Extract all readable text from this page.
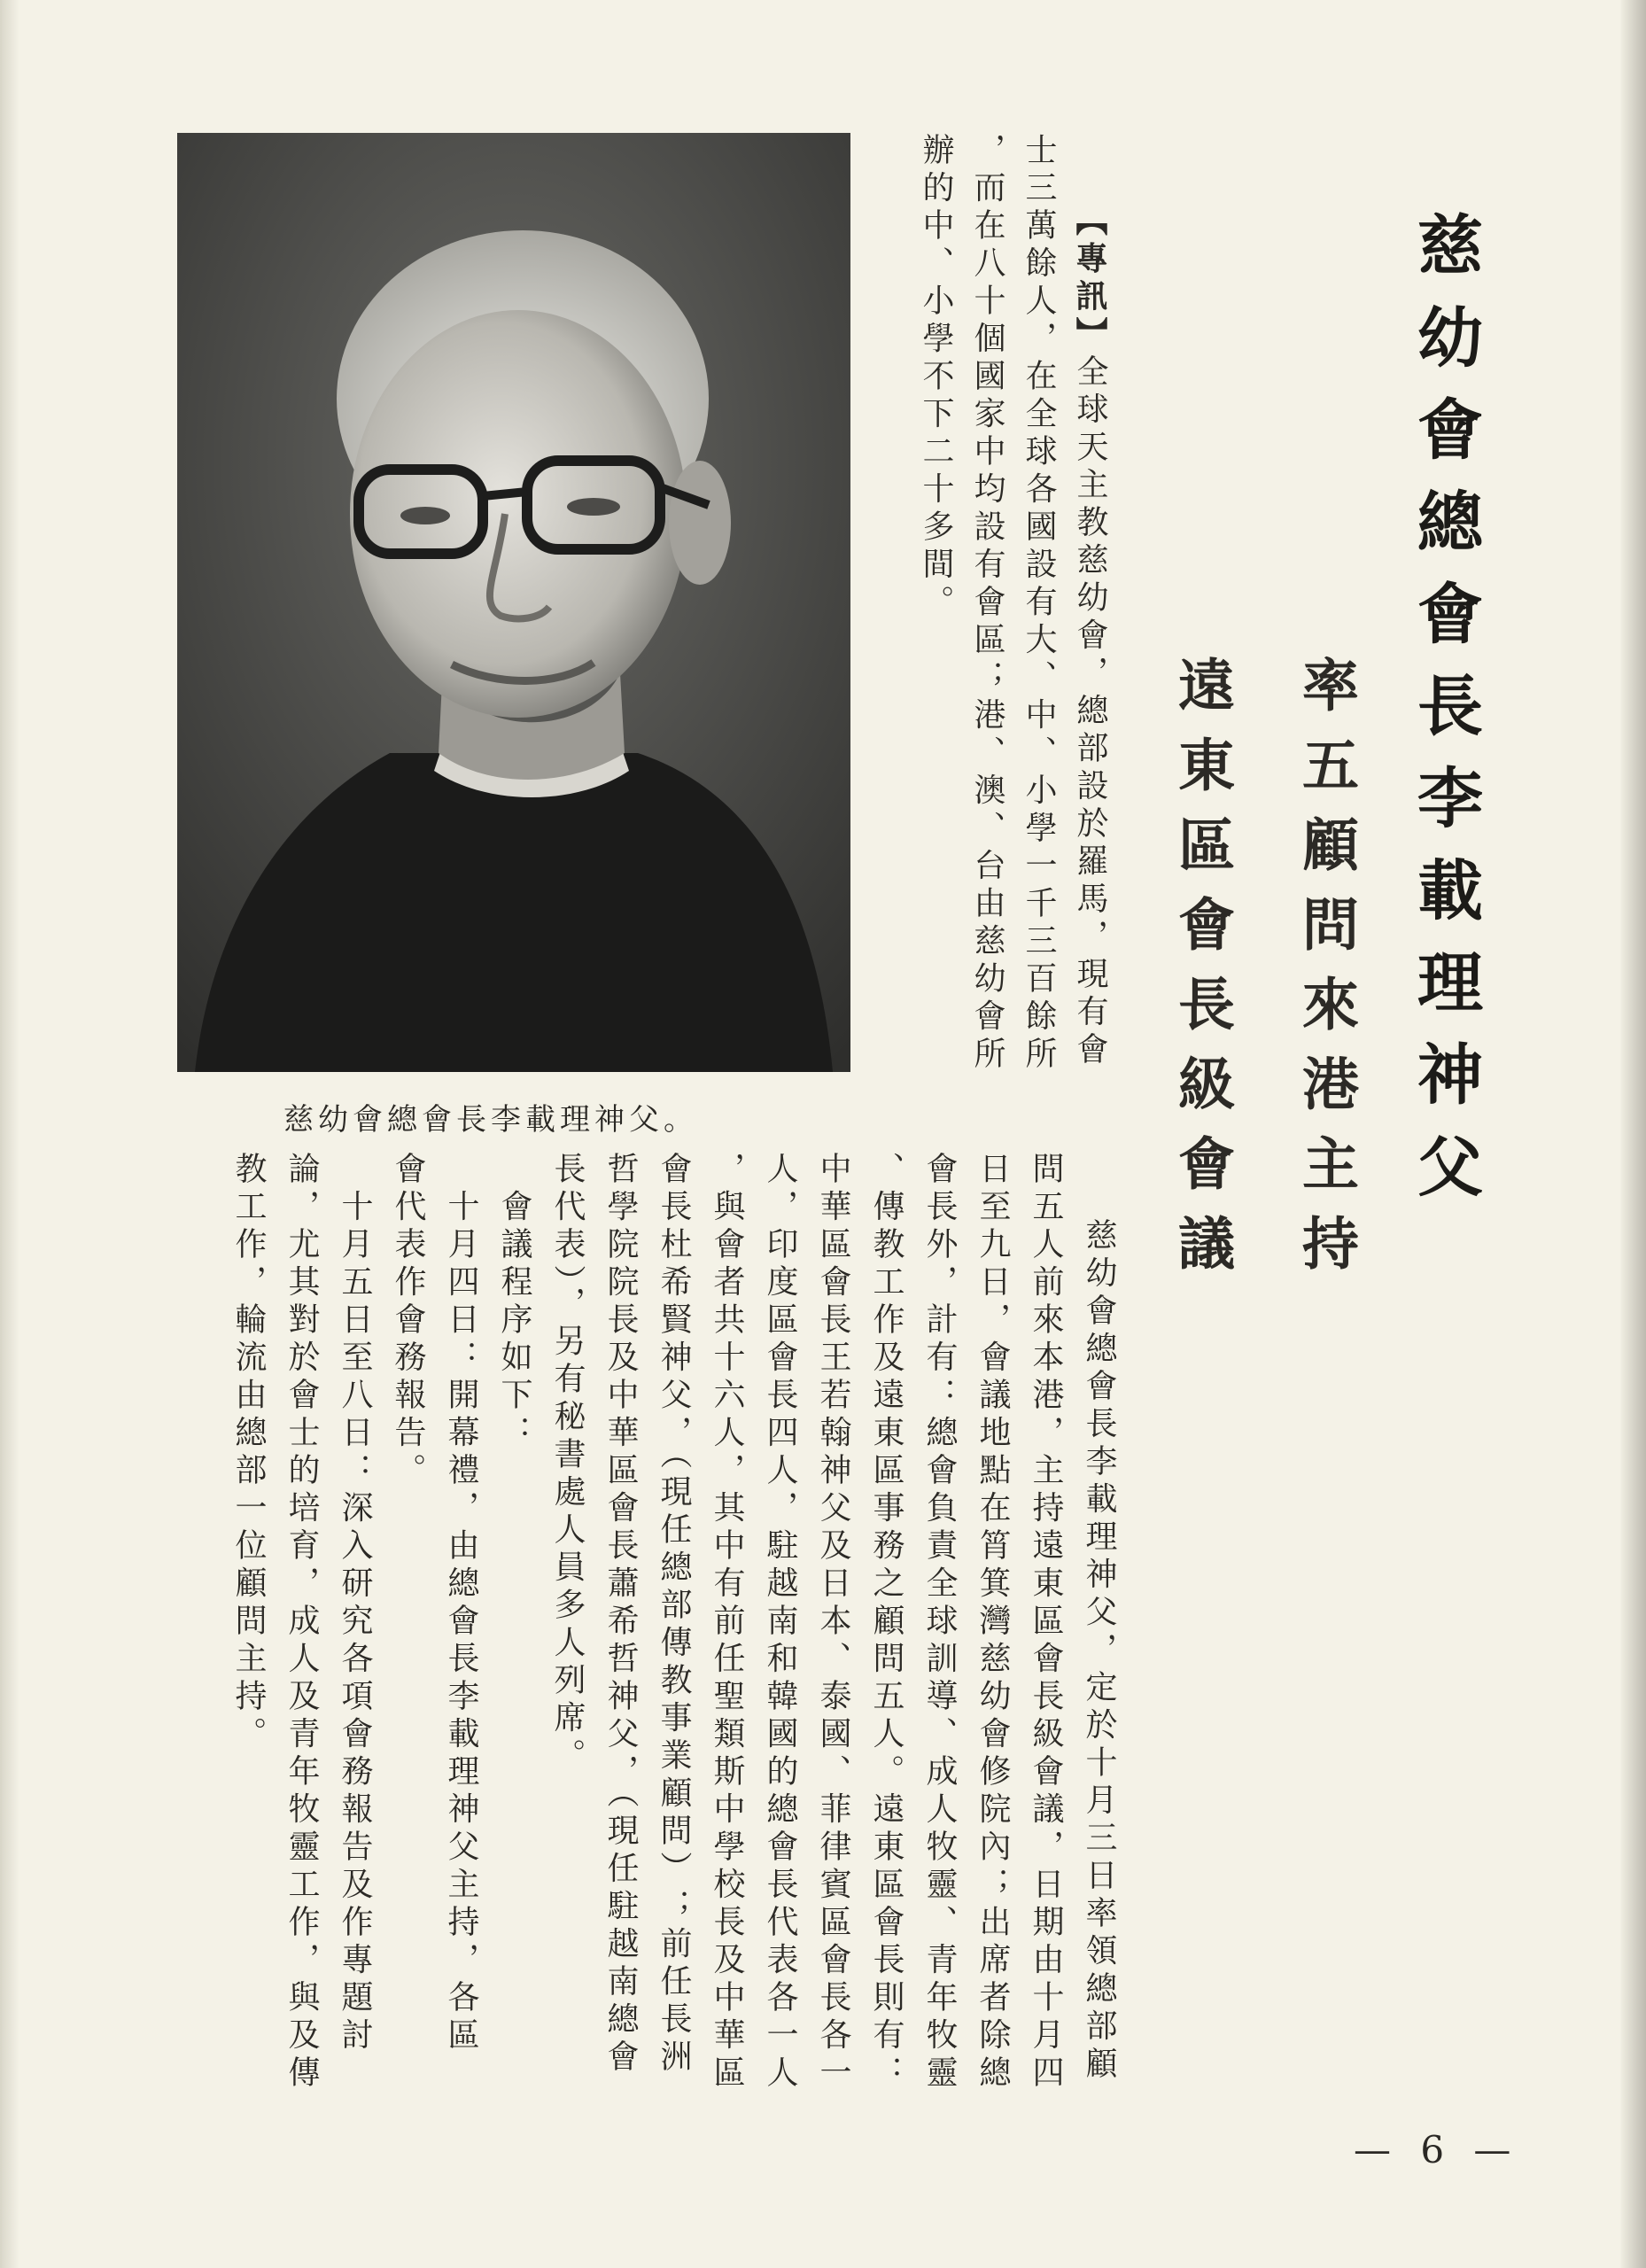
慈幼會總會長李載理神父
率五顧問來港主持
遠東區會長級會議
慈幼會總會長李載理神父。
【專訊】全球天主教慈幼會，總部設於羅馬，現有會
士三萬餘人，在全球各國設有大、中、小學一千三百餘所
，而在八十個國家中均設有會區；港、澳、台由慈幼會所
辦的中、小學不下二十多間。
慈幼會總會長李載理神父，定於十月三日率領總部顧
問五人前來本港，主持遠東區會長級會議，日期由十月四
日至九日，會議地點在筲箕灣慈幼會修院內；出席者除總
會長外，計有：總會負責全球訓導、成人牧靈、青年牧靈
、傳教工作及遠東區事務之顧問五人。遠東區會長則有：
中華區會長王若翰神父及日本、泰國、菲律賓區會長各一
人，印度區會長四人，駐越南和韓國的總會長代表各一人
，與會者共十六人，其中有前任聖類斯中學校長及中華區
會長杜希賢神父，（現任總部傳教事業顧問）；前任長洲
哲學院院長及中華區會長蕭希哲神父，（現任駐越南總會
長代表），另有秘書處人員多人列席。
　會議程序如下：
　十月四日：開幕禮，由總會長李載理神父主持，各區
會代表作會務報告。
　十月五日至八日：深入研究各項會務報告及作專題討
論，尤其對於會士的培育，成人及青年牧靈工作，與及傳
教工作，輪流由總部一位顧問主持。
— 6 —
